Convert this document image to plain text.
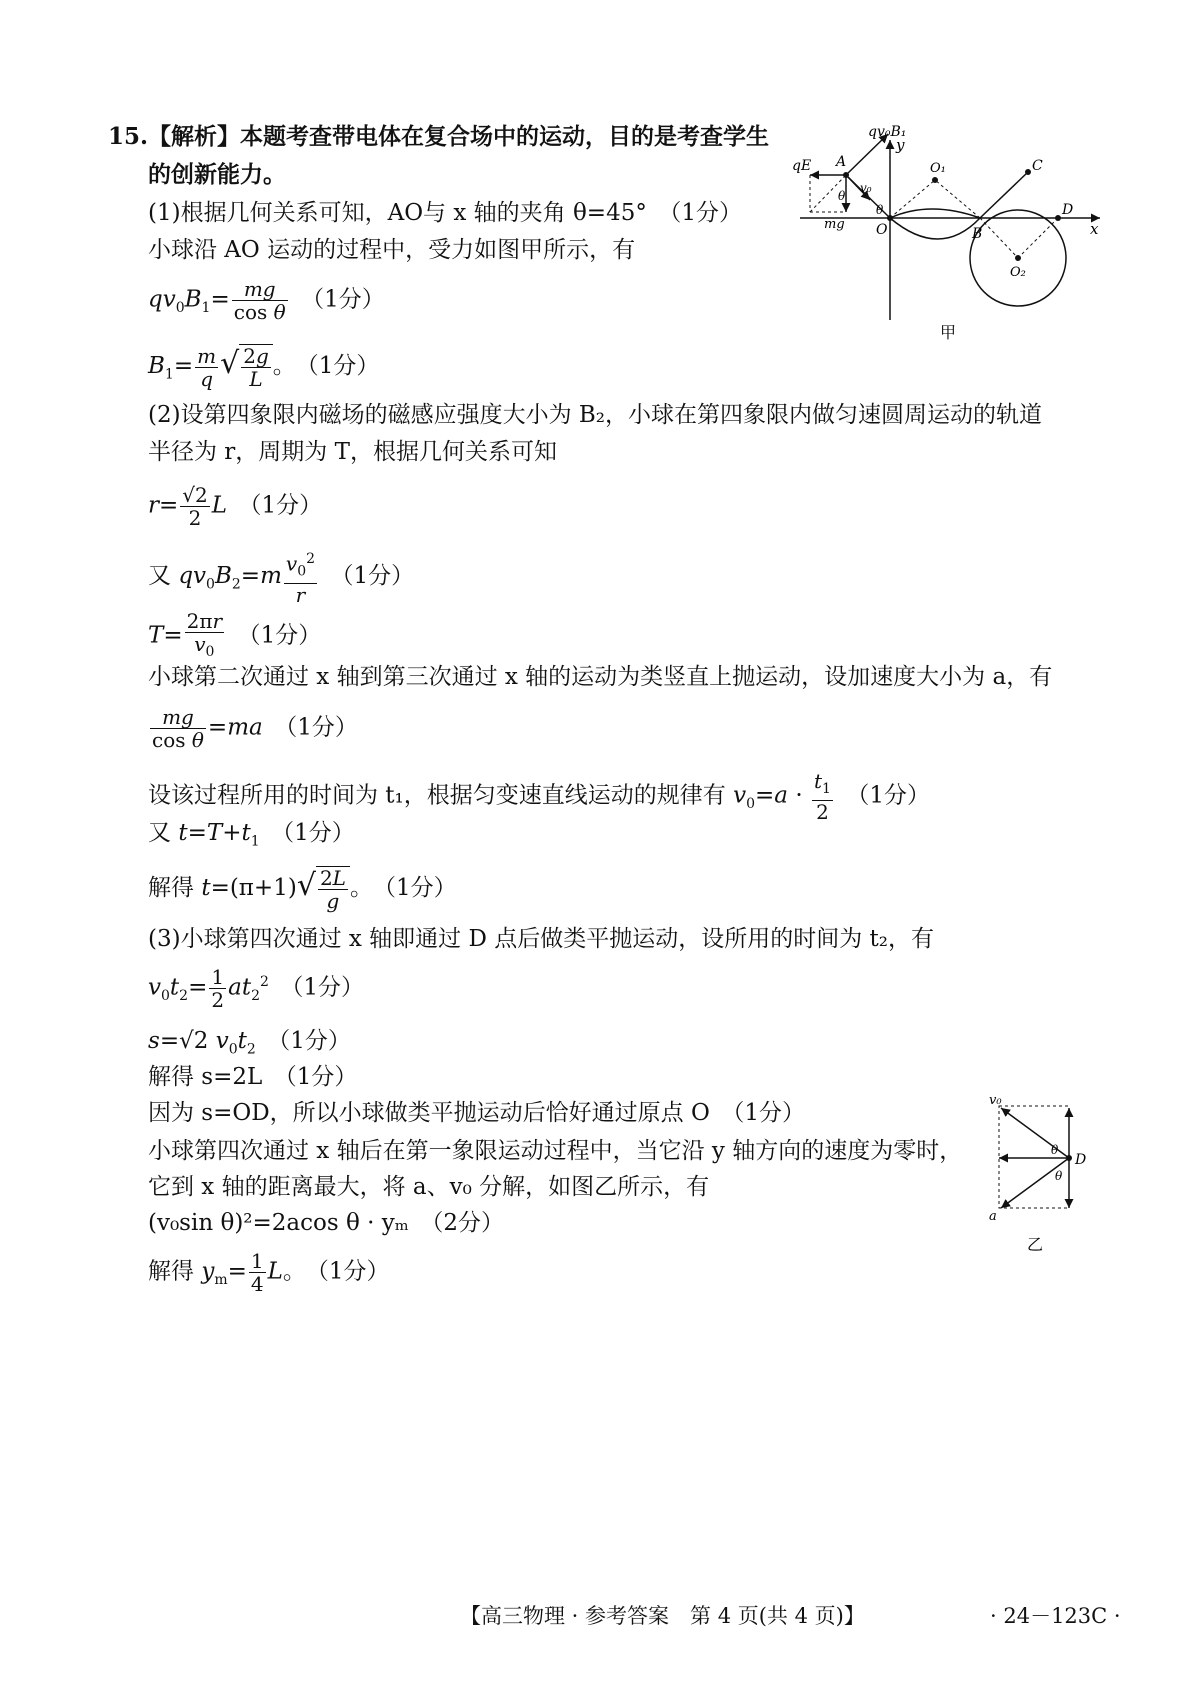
15.【解析】本题考查带电体在复合场中的运动，目的是考查学生
的创新能力。
(1)根据几何关系可知，AO与 x 轴的夹角 θ=45°　 （1分）
小球沿 AO 运动的过程中，受力如图甲所示，有
$qv_0B_1= \frac{mg}{\text{cos θ}}$
　 （1分）
$B_1= \frac{m}{q}$ √ $\frac{2g}{L}$ 。　（1分）
(2)设第四象限内磁场的磁感应强度大小为 B₂，小球在第四象限内做匀速圆周运动的轨道
半径为 r，周期为 T，根据几何关系可知
$r= \frac{√2}{2}$ L　 （1分）
又 $qv_0B_2=m \frac{v_0^2}{r}$
　 （1分）
$T= \frac{2\pi r}{v_0}$
　 （1分）
小球第二次通过 x 轴到第三次通过 x 轴的运动为类竖直上抛运动，设加速度大小为 a，有
$\frac{mg}{\text{cos θ}} =ma$　 （1分）
设该过程所用的时间为 t₁，根据匀变速直线运动的规律有 $v_0=a \cdot \frac{t_1}{2}$
　 （1分）
又 $t=T+t_1$　 （1分）
解得 $t=(\pi+1)√ \frac{2L}{g}$ 。　（1分）
(3)小球第四次通过 x 轴即通过 D 点后做类平抛运动，设所用的时间为 t₂，有
$v_0t_2= \frac{1}{2} at_2^2$　 （1分）
s=√2 $v_0t_2$　 （1分）
解得 s=2L　 （1分）
因为 s=OD，所以小球做类平抛运动后恰好通过原点 O　 （1分）
小球第四次通过 x 轴后在第一象限运动过程中，当它沿 y 轴方向的速度为零时，
它到 x 轴的距离最大，将 a、v₀ 分解，如图乙所示，有
(v₀sin θ)²=2acos θ · yₘ　 （2分）
解得 $y_m= \frac{1}{4}$ L。　（1分）
qv₀B₁
y
qE A
v₀
O₁	C
θ
θ	D
x
mg O	B
O₂
甲
v₀
θ
D
θ
a
乙
【高三物理 · 参考答案　第 4 页(共 4 页)】	· 24－123C ·
